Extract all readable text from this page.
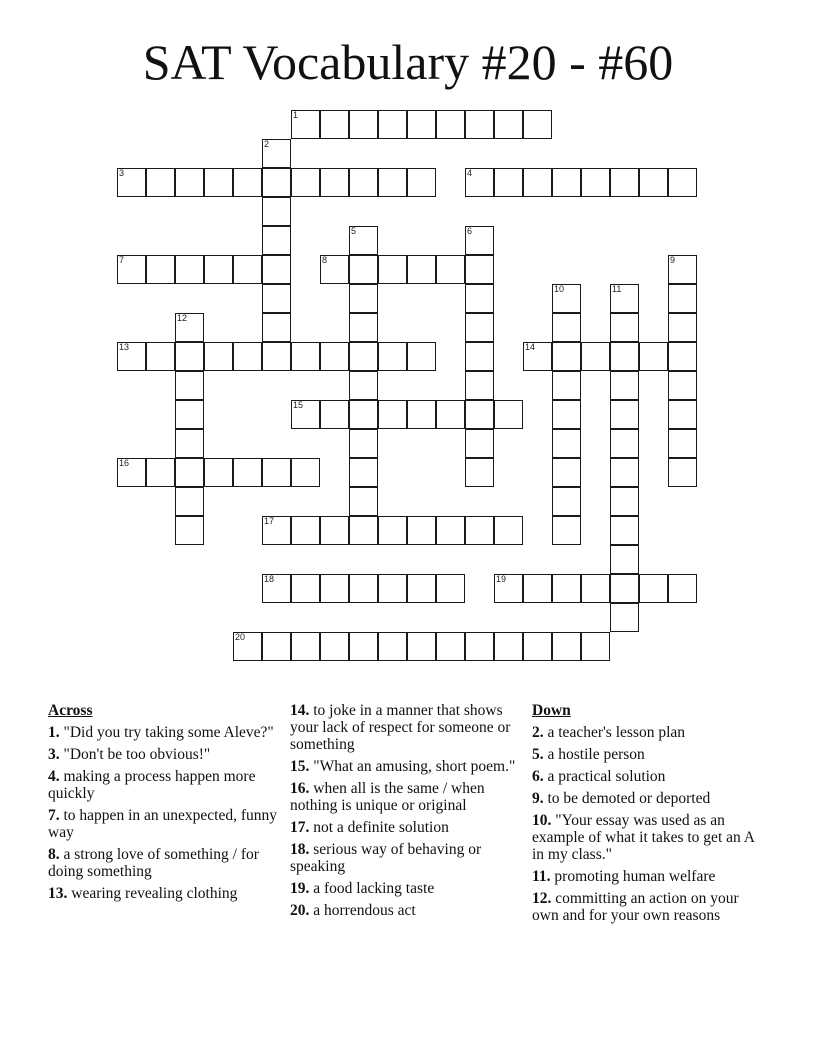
SAT Vocabulary #20 - #60
1
2
3	4
5	6
7	8	9
10	11
12
13	14
15
16
17
18	19
20
Across
1. "Did you try taking some Aleve?"
3. "Don't be too obvious!"
4. making a process happen more quickly
7. to happen in an unexpected, funny way
8. a strong love of something / for doing something
13. wearing revealing clothing
14. to joke in a manner that shows your lack of respect for someone or something
15. "What an amusing, short poem."
16. when all is the same / when nothing is unique or original
17. not a definite solution
18. serious way of behaving or speaking
19. a food lacking taste
20. a horrendous act
Down
2. a teacher's lesson plan
5. a hostile person
6. a practical solution
9. to be demoted or deported
10. "Your essay was used as an example of what it takes to get an A in my class."
11. promoting human welfare
12. committing an action on your own and for your own reasons
